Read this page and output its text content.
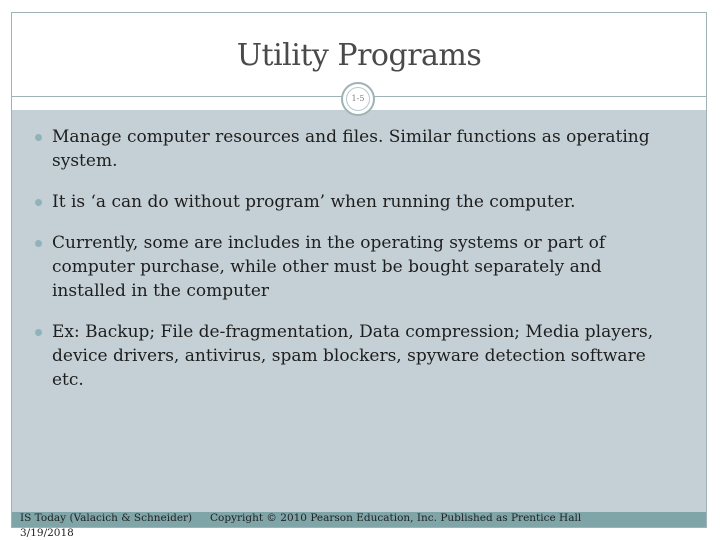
Utility Programs
1-5
Manage computer resources and files. Similar functions as operating system.
It is ‘a can do without program’ when running the computer.
Currently, some are includes in the operating systems or part of computer purchase, while other must be bought separately and installed in the computer
Ex: Backup; File de-fragmentation, Data compression; Media players, device drivers, antivirus, spam blockers, spyware detection software etc.
IS Today (Valacich & Schneider) Copyright © 2010 Pearson Education, Inc. Published as Prentice Hall
3/19/2018
